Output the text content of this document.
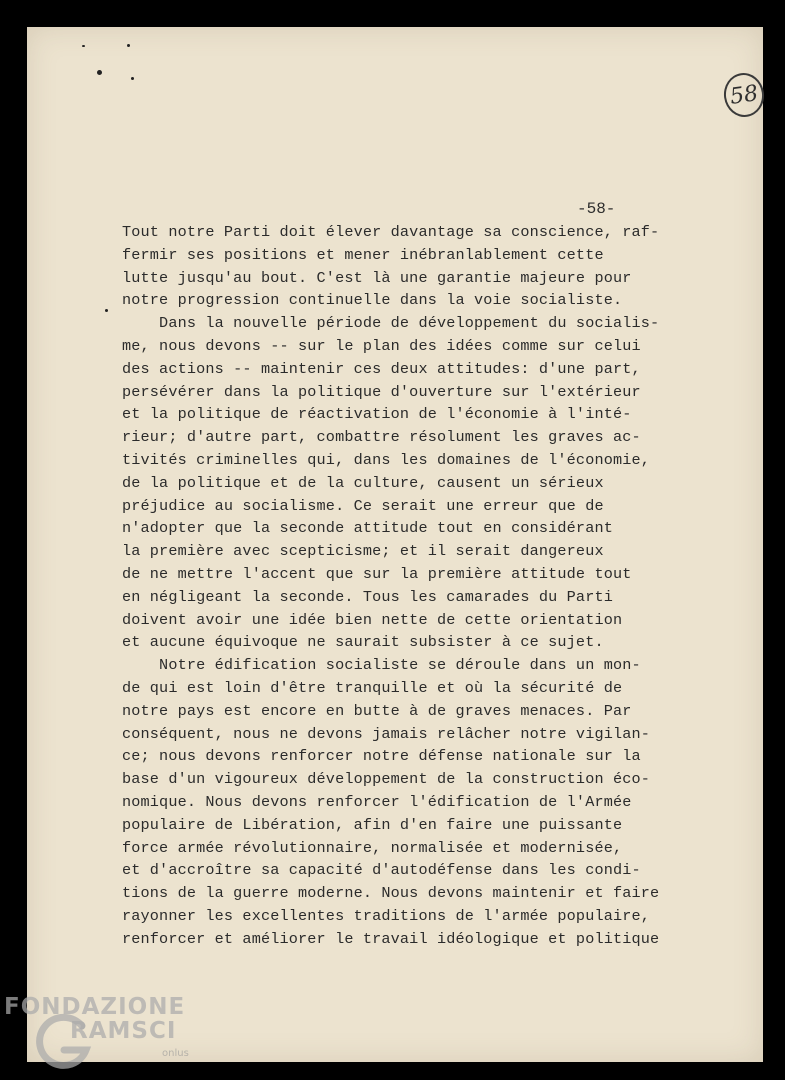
58
-58-
Tout notre Parti doit élever davantage sa conscience, raf-
fermir ses positions et mener inébranlablement cette
lutte jusqu'au bout. C'est là une garantie majeure pour
notre progression continuelle dans la voie socialiste.
Dans la nouvelle période de développement du socialis-
me, nous devons -- sur le plan des idées comme sur celui
des actions -- maintenir ces deux attitudes: d'une part,
persévérer dans la politique d'ouverture sur l'extérieur
et la politique de réactivation de l'économie à l'inté-
rieur; d'autre part, combattre résolument les graves ac-
tivités criminelles qui, dans les domaines de l'économie,
de la politique et de la culture, causent un sérieux
préjudice au socialisme. Ce serait une erreur que de
n'adopter que la seconde attitude tout en considérant
la première avec scepticisme; et il serait dangereux
de ne mettre l'accent que sur la première attitude tout
en négligeant la seconde. Tous les camarades du Parti
doivent avoir une idée bien nette de cette orientation
et aucune équivoque ne saurait subsister à ce sujet.
Notre édification socialiste se déroule dans un mon-
de qui est loin d'être tranquille et où la sécurité de
notre pays est encore en butte à de graves menaces. Par
conséquent, nous ne devons jamais relâcher notre vigilan-
ce; nous devons renforcer notre défense nationale sur la
base d'un vigoureux développement de la construction éco-
nomique. Nous devons renforcer l'édification de l'Armée
populaire de Libération, afin d'en faire une puissante
force armée révolutionnaire, normalisée et modernisée,
et d'accroître sa capacité d'autodéfense dans les condi-
tions de la guerre moderne. Nous devons maintenir et faire
rayonner les excellentes traditions de l'armée populaire,
renforcer et améliorer le travail idéologique et politique
FONDAZIONE
RAMSCI
onlus
